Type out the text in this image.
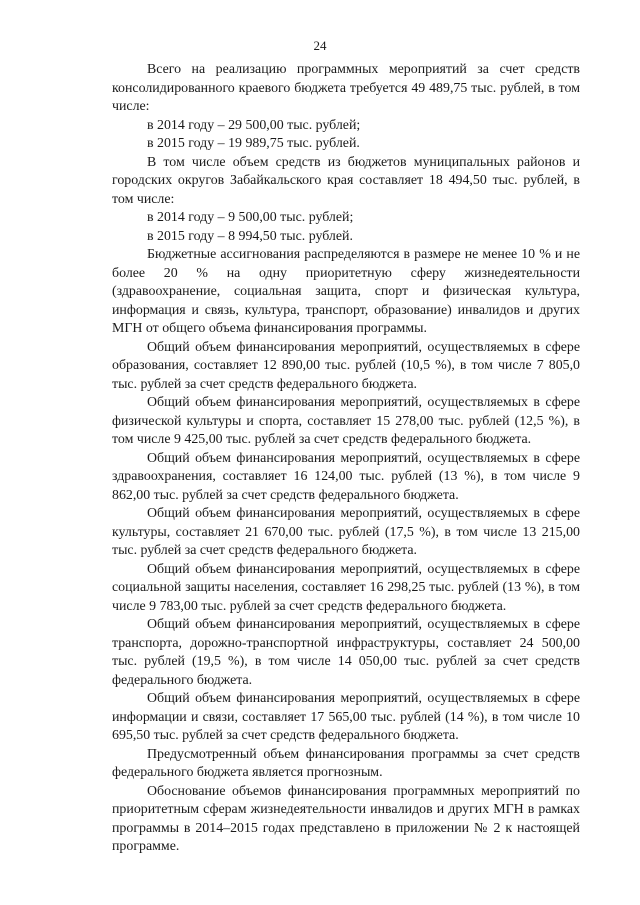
24

Всего на реализацию программных мероприятий за счет средств консолидированного краевого бюджета требуется 49 489,75 тыс. рублей, в том числе:

в 2014 году – 29 500,00 тыс. рублей;

в 2015 году – 19 989,75 тыс. рублей.

В том числе объем средств из бюджетов муниципальных районов и городских округов Забайкальского края составляет 18 494,50 тыс. рублей, в том числе:

в 2014 году – 9 500,00 тыс. рублей;

в 2015 году – 8 994,50 тыс. рублей.

Бюджетные ассигнования распределяются в размере не менее 10 % и не более 20 % на одну приоритетную сферу жизнедеятельности (здравоохранение, социальная защита, спорт и физическая культура, информация и связь, культура, транспорт, образование) инвалидов и других МГН от общего объема финансирования программы.

Общий объем финансирования мероприятий, осуществляемых в сфере образования, составляет 12 890,00 тыс. рублей (10,5 %), в том числе 7 805,0 тыс. рублей за счет средств федерального бюджета.

Общий объем финансирования мероприятий, осуществляемых в сфере физической культуры и спорта, составляет 15 278,00 тыс. рублей (12,5 %), в том числе 9 425,00 тыс. рублей за счет средств федерального бюджета.

Общий объем финансирования мероприятий, осуществляемых в сфере здравоохранения, составляет 16 124,00 тыс. рублей (13 %), в том числе 9 862,00 тыс. рублей за счет средств федерального бюджета.

Общий объем финансирования мероприятий, осуществляемых в сфере культуры, составляет 21 670,00 тыс. рублей (17,5 %), в том числе 13 215,00 тыс. рублей за счет средств федерального бюджета.

Общий объем финансирования мероприятий, осуществляемых в сфере социальной защиты населения, составляет 16 298,25 тыс. рублей (13 %), в том числе 9 783,00 тыс. рублей за счет средств федерального бюджета.

Общий объем финансирования мероприятий, осуществляемых в сфере транспорта, дорожно-транспортной инфраструктуры, составляет 24 500,00 тыс. рублей (19,5 %), в том числе 14 050,00 тыс. рублей за счет средств федерального бюджета.

Общий объем финансирования мероприятий, осуществляемых в сфере информации и связи, составляет 17 565,00 тыс. рублей (14 %), в том числе 10 695,50 тыс. рублей за счет средств федерального бюджета.

Предусмотренный объем финансирования программы за счет средств федерального бюджета является прогнозным.

Обоснование объемов финансирования программных мероприятий по приоритетным сферам жизнедеятельности инвалидов и других МГН в рамках программы в 2014–2015 годах представлено в приложении № 2 к настоящей программе.
